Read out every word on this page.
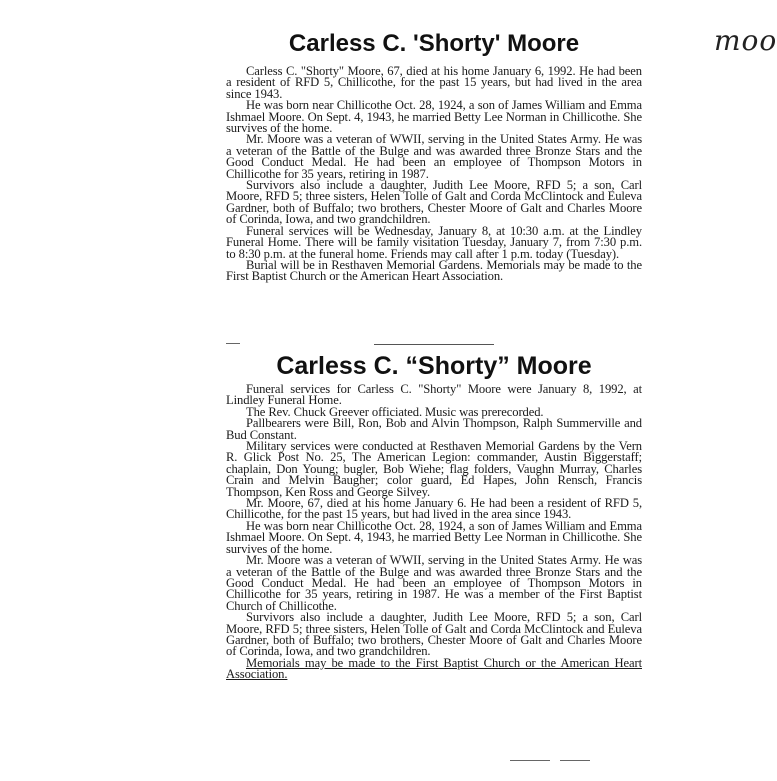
moo
Carless C. 'Shorty' Moore

Carless C. "Shorty" Moore, 67, died at his home January 6, 1992. He had been a resident of RFD 5, Chillicothe, for the past 15 years, but had lived in the area since 1943.

He was born near Chillicothe Oct. 28, 1924, a son of James William and Emma Ishmael Moore. On Sept. 4, 1943, he married Betty Lee Norman in Chillicothe. She survives of the home.

Mr. Moore was a veteran of WWII, serving in the United States Army. He was a veteran of the Battle of the Bulge and was awarded three Bronze Stars and the Good Conduct Medal. He had been an employee of Thompson Motors in Chillicothe for 35 years, retiring in 1987.

Survivors also include a daughter, Judith Lee Moore, RFD 5; a son, Carl Moore, RFD 5; three sisters, Helen Tolle of Galt and Corda McClintock and Euleva Gardner, both of Buffalo; two brothers, Chester Moore of Galt and Charles Moore of Corinda, Iowa, and two grandchildren.

Funeral services will be Wednesday, January 8, at 10:30 a.m. at the Lindley Funeral Home. There will be family visitation Tuesday, January 7, from 7:30 p.m. to 8:30 p.m. at the funeral home. Friends may call after 1 p.m. today (Tuesday).

Burial will be in Resthaven Memorial Gardens. Memorials may be made to the First Baptist Church or the American Heart Association.

Carless C. “Shorty” Moore

Funeral services for Carless C. "Shorty" Moore were January 8, 1992, at Lindley Funeral Home.

The Rev. Chuck Greever officiated. Music was prerecorded.

Pallbearers were Bill, Ron, Bob and Alvin Thompson, Ralph Summerville and Bud Constant.

Military services were conducted at Resthaven Memorial Gardens by the Vern R. Glick Post No. 25, The American Legion: commander, Austin Biggerstaff; chaplain, Don Young; bugler, Bob Wiehe; flag folders, Vaughn Murray, Charles Crain and Melvin Baugher; color guard, Ed Hapes, John Rensch, Francis Thompson, Ken Ross and George Silvey.

Mr. Moore, 67, died at his home January 6. He had been a resident of RFD 5, Chillicothe, for the past 15 years, but had lived in the area since 1943.

He was born near Chillicothe Oct. 28, 1924, a son of James William and Emma Ishmael Moore. On Sept. 4, 1943, he married Betty Lee Norman in Chillicothe. She survives of the home.

Mr. Moore was a veteran of WWII, serving in the United States Army. He was a veteran of the Battle of the Bulge and was awarded three Bronze Stars and the Good Conduct Medal. He had been an employee of Thompson Motors in Chillicothe for 35 years, retiring in 1987. He was a member of the First Baptist Church of Chillicothe.

Survivors also include a daughter, Judith Lee Moore, RFD 5; a son, Carl Moore, RFD 5; three sisters, Helen Tolle of Galt and Corda McClintock and Euleva Gardner, both of Buffalo; two brothers, Chester Moore of Galt and Charles Moore of Corinda, Iowa, and two grandchildren.

Memorials may be made to the First Baptist Church or the American Heart Association.
